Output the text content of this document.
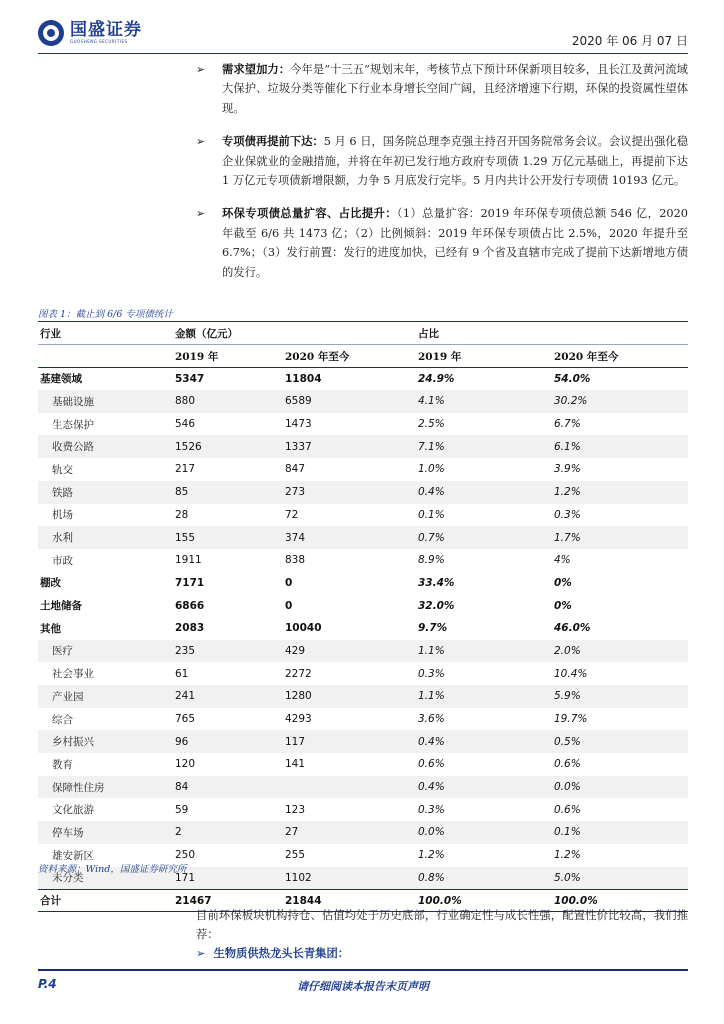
国盛证券
GUOSHENG SECURITIES	2020 年 06 月 07 日
➢ 需求望加力：今年是“十三五”规划末年，考核节点下预计环保新项目较多，且长江及黄河流域大保护、垃圾分类等催化下行业本身增长空间广阔，且经济增速下行期，环保的投资属性望体现。
➢ 专项债再提前下达：5 月 6 日，国务院总理李克强主持召开国务院常务会议。会议提出强化稳企业保就业的金融措施，并将在年初已发行地方政府专项债 1.29 万亿元基础上，再提前下达 1 万亿元专项债新增限额，力争 5 月底发行完毕。5 月内共计公开发行专项债 10193 亿元。
➢ 环保专项债总量扩容、占比提升：（1）总量扩容：2019 年环保专项债总额 546 亿，2020 年截至 6/6 共 1473 亿；（2）比例倾斜：2019 年环保专项债占比 2.5%，2020 年提升至 6.7%；（3）发行前置：发行的进度加快，已经有 9 个省及直辖市完成了提前下达新增地方债的发行。
图表 1：截止到 6/6 专项债统计
行业	金额（亿元）		占比	
	2019 年	2020 年至今	2019 年	2020 年至今
基建领域	5347	11804	24.9%	54.0%
基础设施	880	6589	4.1%	30.2%
生态保护	546	1473	2.5%	6.7%
收费公路	1526	1337	7.1%	6.1%
轨交	217	847	1.0%	3.9%
铁路	85	273	0.4%	1.2%
机场	28	72	0.1%	0.3%
水利	155	374	0.7%	1.7%
市政	1911	838	8.9%	4%
棚改	7171	0	33.4%	0%
土地储备	6866	0	32.0%	0%
其他	2083	10040	9.7%	46.0%
医疗	235	429	1.1%	2.0%
社会事业	61	2272	0.3%	10.4%
产业园	241	1280	1.1%	5.9%
综合	765	4293	3.6%	19.7%
乡村振兴	96	117	0.4%	0.5%
教育	120	141	0.6%	0.6%
保障性住房	84		0.4%	0.0%
文化旅游	59	123	0.3%	0.6%
停车场	2	27	0.0%	0.1%
雄安新区	250	255	1.2%	1.2%
未分类	171	1102	0.8%	5.0%
合计	21467	21844	100.0%	100.0%
资料来源：Wind，国盛证券研究所
目前环保板块机构持仓、估值均处于历史底部，行业确定性与成长性强，配置性价比较高，我们推荐：
➢ 生物质供热龙头长青集团：
P.4	请仔细阅读本报告末页声明
